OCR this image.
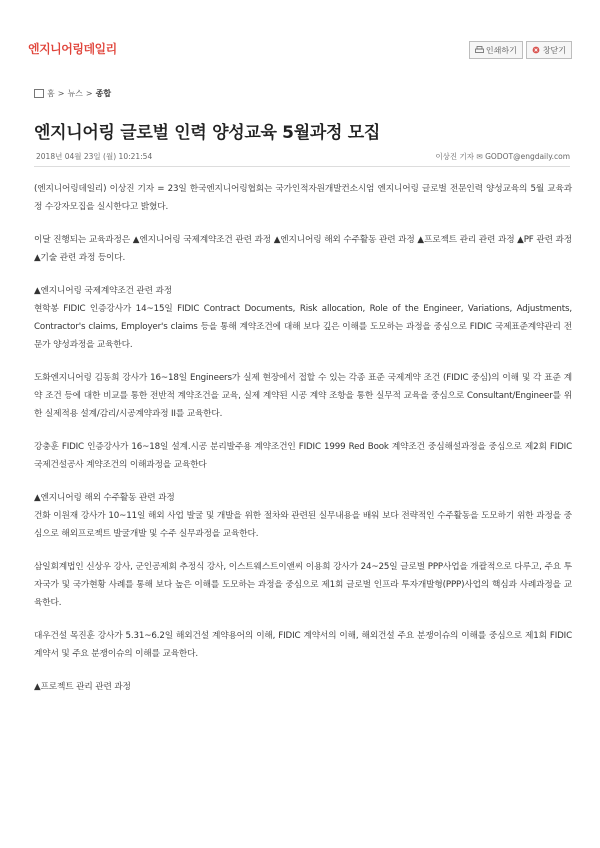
엔지니어링데일리	인쇄하기	창닫기
홈 > 뉴스 > 종합
엔지니어링 글로벌 인력 양성교육 5월과정 모집
2018년 04월 23일 (월) 10:21:54	이상진 기자 ✉ GODOT@engdaily.com

(엔지니어링데일리) 이상진 기자 = 23일 한국엔지니어링협회는 국가인적자원개발컨소시엄 엔지니어링 글로벌 전문인력 양성교육의 5월 교육과정 수강자모집을 실시한다고 밝혔다.

이달 진행되는 교육과정은 ▲엔지니어링 국제계약조건 관련 과정 ▲엔지니어링 해외 수주활동 관련 과정 ▲프로젝트 관리 관련 과정 ▲PF 관련 과정 ▲기술 관련 과정 등이다.

▲엔지니어링 국제계약조건 관련 과정

현학봉 FIDIC 인증강사가 14~15일 FIDIC Contract Documents, Risk allocation, Role of the Engineer, Variations, Adjustments, Contractor's claims, Employer's claims 등을 통해 계약조건에 대해 보다 깊은 이해를 도모하는 과정을 중심으로 FIDIC 국제표준계약관리 전문가 양성과정을 교육한다.

도화엔지니어링 김동희 강사가 16~18일 Engineers가 실제 현장에서 접할 수 있는 각종 표준 국제계약 조건 (FIDIC 중심)의 이해 및 각 표준 계약 조건 등에 대한 비교를 통한 전반적 계약조건을 교육, 실제 계약된 시공 계약 조항을 통한 실무적 교육을 중심으로 Consultant/Engineer를 위한 실제적용 설계/감리/시공계약과정 II를 교육한다.

강충훈 FIDIC 인증강사가 16~18일 설계.시공 분리발주용 계약조건인 FIDIC 1999 Red Book 계약조건 중심해설과정을 중심으로 제2회 FIDIC 국제건설공사 계약조건의 이해과정을 교육한다

▲엔지니어링 해외 수주활동 관련 과정

건화 이원재 강사가 10~11일 해외 사업 발굴 및 개발을 위한 절차와 관련된 실무내용을 배워 보다 전략적인 수주활동을 도모하기 위한 과정을 중심으로 해외프로젝트 발굴개발 및 수주 실무과정을 교육한다.

삼일회계법인 신상우 강사, 군인공제회 추정식 강사, 이스트웨스트이앤씨 이용희 강사가 24~25일 글로벌 PPP사업을 개괄적으로 다루고, 주요 투자국가 및 국가현황 사례를 통해 보다 높은 이해를 도모하는 과정을 중심으로 제1회 글로벌 인프라 투자개발형(PPP)사업의 핵심과 사례과정을 교육한다.

대우건설 목진훈 강사가 5.31~6.2일 해외건설 계약용어의 이해, FIDIC 계약서의 이해, 해외건설 주요 분쟁이슈의 이해를 중심으로 제1회 FIDIC 계약서 및 주요 분쟁이슈의 이해를 교육한다.

▲프로젝트 관리 관련 과정
